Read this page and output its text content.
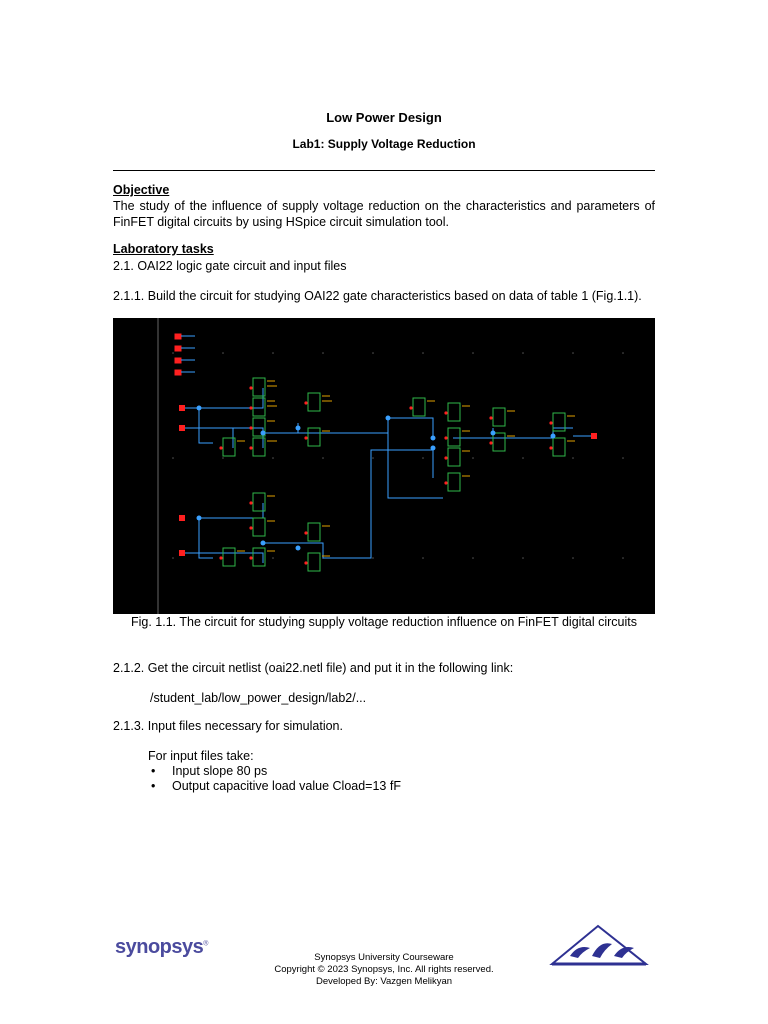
Low Power Design
Lab1: Supply Voltage Reduction
Objective
The study of the influence of supply voltage reduction on the characteristics and parameters of FinFET digital circuits by using HSpice circuit simulation tool.
Laboratory tasks
2.1. OAI22 logic gate circuit and input files
2.1.1. Build the circuit for studying OAI22 gate characteristics based on data of table 1 (Fig.1.1).
Fig. 1.1. The circuit for studying supply voltage reduction influence on FinFET digital circuits
2.1.2. Get the circuit netlist (oai22.netl file) and put it in the following link:
/student_lab/low_power_design/lab2/...
2.1.3. Input files necessary for simulation.
For input files take:
• Input slope 80 ps
• Output capacitive load value Cload=13 fF
synopsys®
Synopsys University Courseware
Copyright © 2023 Synopsys, Inc. All rights reserved.
Developed By: Vazgen Melikyan
